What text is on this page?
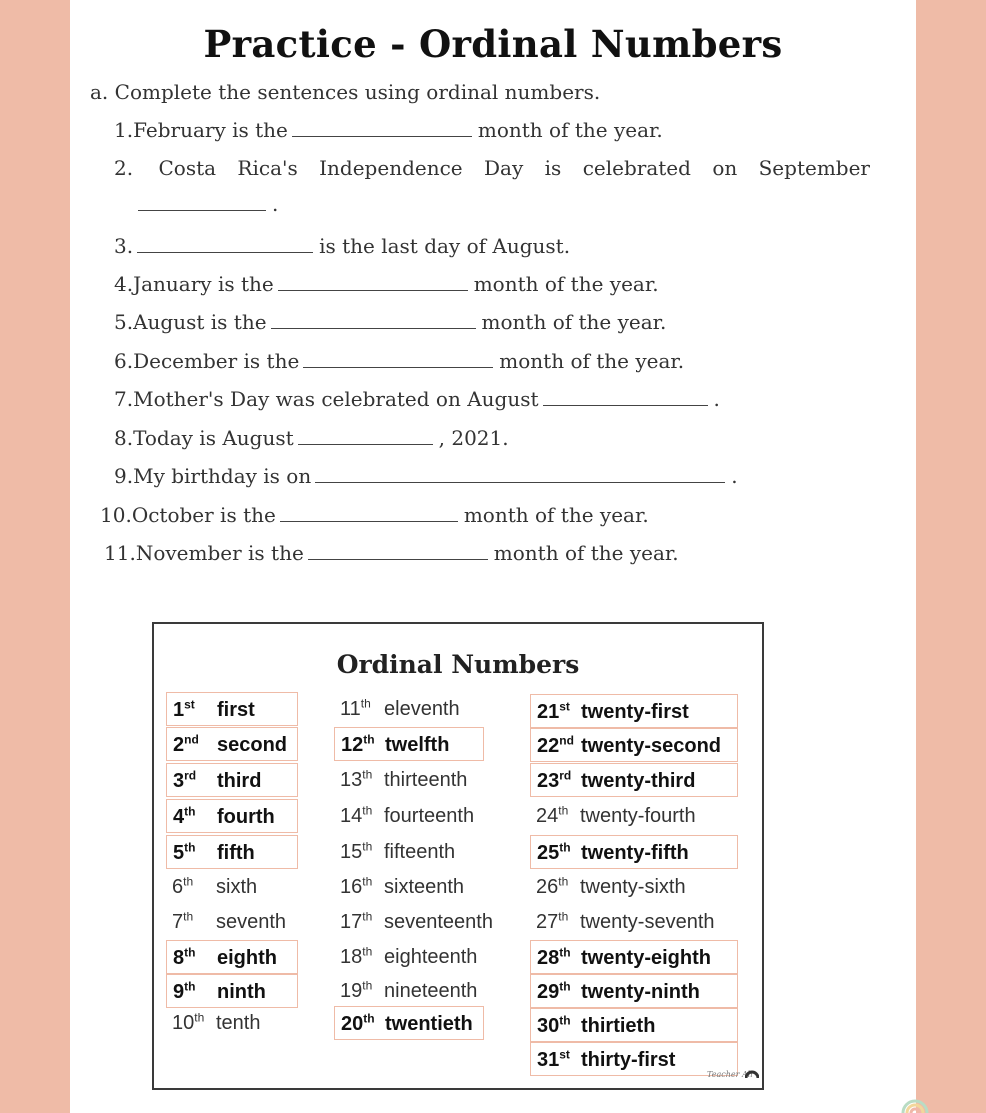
Practice - Ordinal Numbers
a. Complete the sentences using ordinal numbers.
1.February is the	month of the year.
2. Costa Rica's Independence Day is celebrated on September
.
3.	is the last day of August.
4.January is the	month of the year.
5.August is the	month of the year.
6.December is the	month of the year.
7.Mother's Day was celebrated on August	.
8.Today is August	, 2021.
9.My birthday is on	.
10.October is the	month of the year.
11.November is the	month of the year.
Ordinal Numbers
1st first
2nd second
3rd third
4th fourth
5th fifth
6th sixth
7th seventh
8th eighth
9th ninth
10th tenth
11th eleventh
12th twelfth
13th thirteenth
14th fourteenth
15th fifteenth
16th sixteenth
17th seventeenth
18th eighteenth
19th nineteenth
20th twentieth
21st twenty-first
22nd twenty-second
23rd twenty-third
24th twenty-fourth
25th twenty-fifth
26th twenty-sixth
27th twenty-seventh
28th twenty-eighth
29th twenty-ninth
30th thirtieth
31st thirty-first
Teacher Ali
